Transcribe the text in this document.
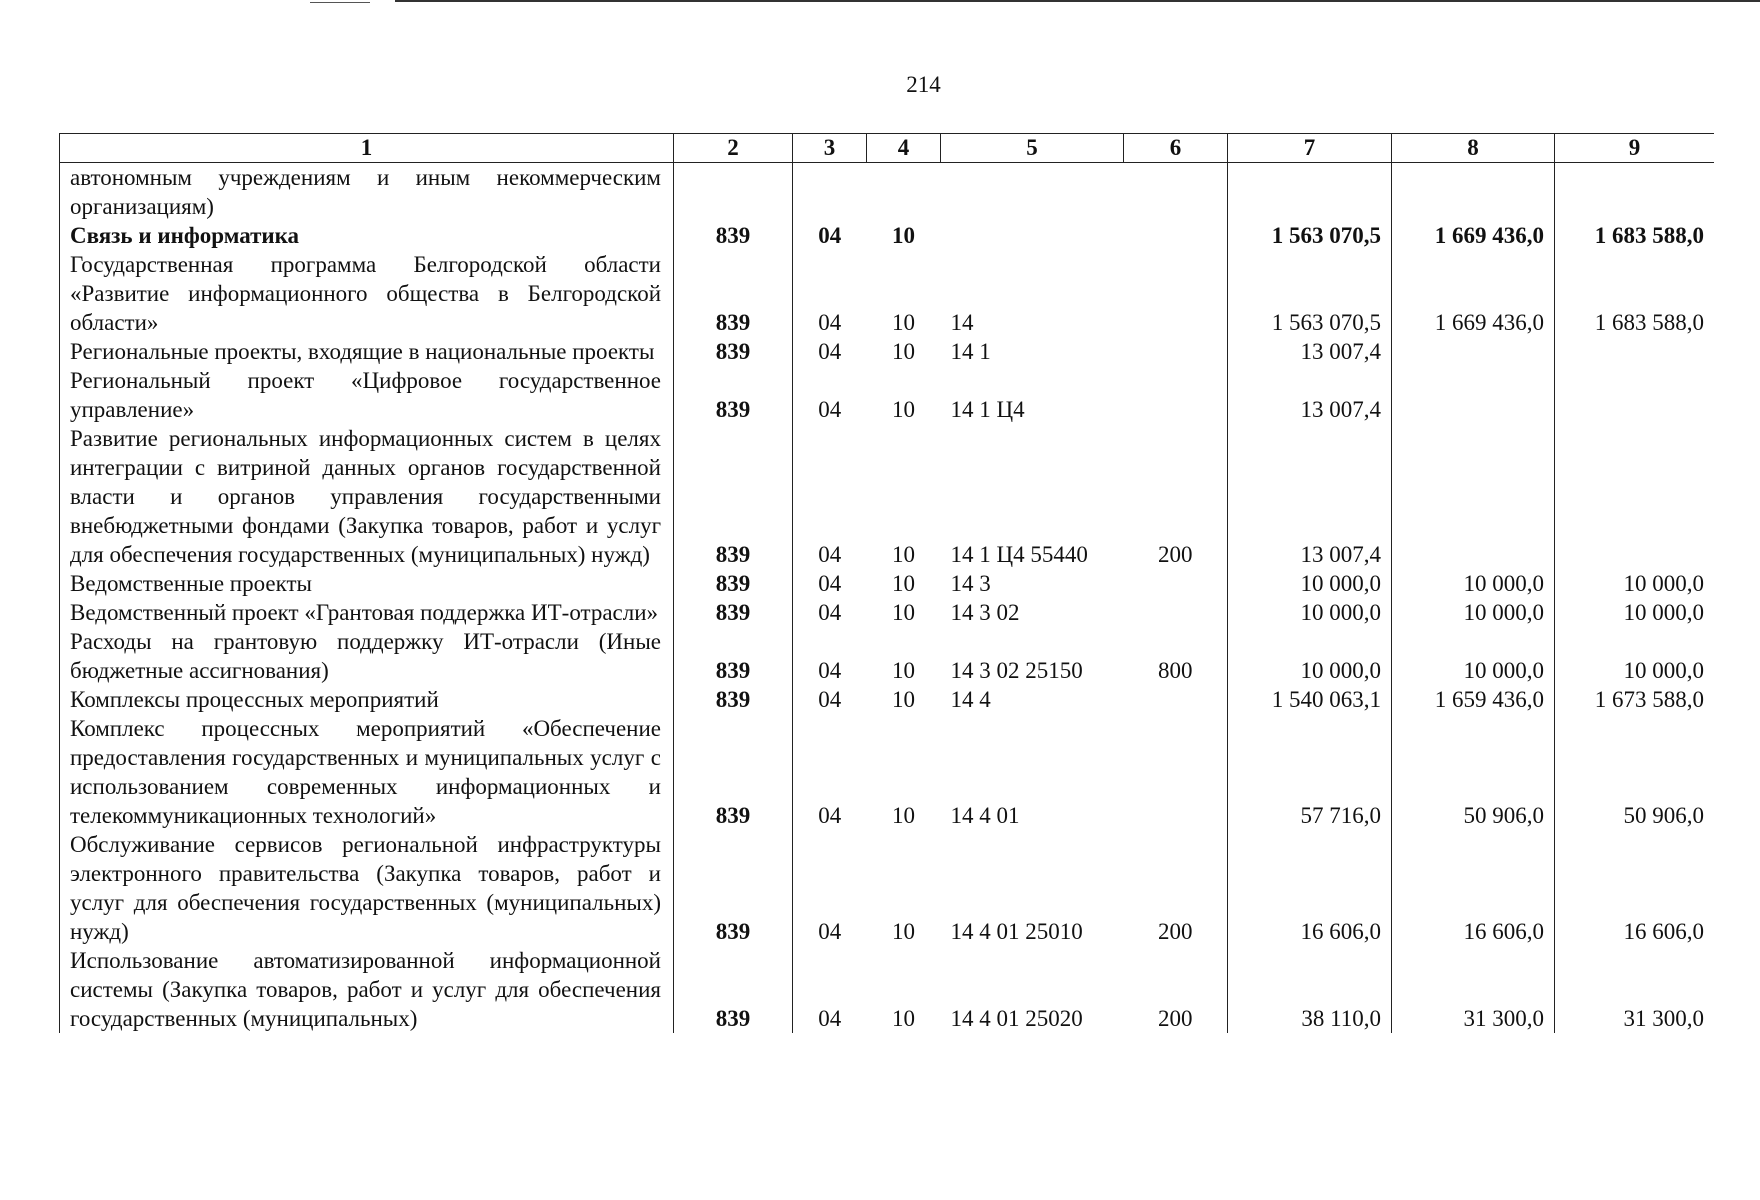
214
1	2	3	4	5	6	7	8	9
автономным учреждениям и иным некоммерческим организациям)								
Связь и информатика	839	04	10			1 563 070,5	1 669 436,0	1 683 588,0
Государственная программа Белгородской области «Развитие информационного общества в Белгородской области»	839	04	10	14		1 563 070,5	1 669 436,0	1 683 588,0
Региональные проекты, входящие в национальные проекты	839	04	10	14 1		13 007,4		
Региональный проект «Цифровое государственное управление»	839	04	10	14 1 Ц4		13 007,4		
Развитие региональных информационных систем в целях интеграции с витриной данных органов государственной власти и органов управления государственными внебюджетными фондами (Закупка товаров, работ и услуг для обеспечения государственных (муниципальных) нужд)	839	04	10	14 1 Ц4 55440	200	13 007,4		
Ведомственные проекты	839	04	10	14 3		10 000,0	10 000,0	10 000,0
Ведомственный проект «Грантовая поддержка ИТ-отрасли»	839	04	10	14 3 02		10 000,0	10 000,0	10 000,0
Расходы на грантовую поддержку ИТ-отрасли (Иные бюджетные ассигнования)	839	04	10	14 3 02 25150	800	10 000,0	10 000,0	10 000,0
Комплексы процессных мероприятий	839	04	10	14 4		1 540 063,1	1 659 436,0	1 673 588,0
Комплекс процессных мероприятий «Обеспечение предоставления государственных и муниципальных услуг с использованием современных информационных и телекоммуникационных технологий»	839	04	10	14 4 01		57 716,0	50 906,0	50 906,0
Обслуживание сервисов региональной инфраструктуры электронного правительства (Закупка товаров, работ и услуг для обеспечения государственных (муниципальных) нужд)	839	04	10	14 4 01 25010	200	16 606,0	16 606,0	16 606,0
Использование автоматизированной информационной системы (Закупка товаров, работ и услуг для обеспечения государственных (муниципальных)	839	04	10	14 4 01 25020	200	38 110,0	31 300,0	31 300,0
